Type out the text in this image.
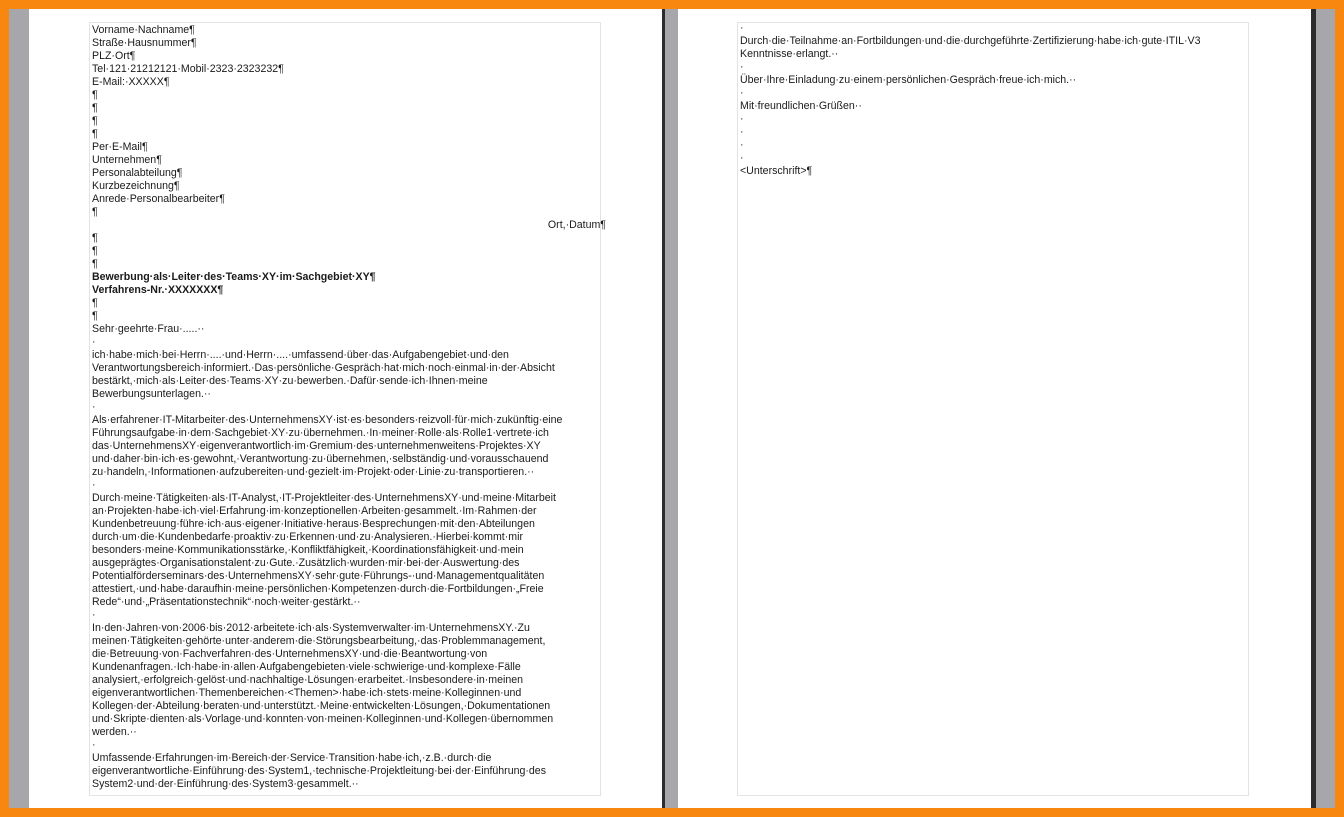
Vorname·Nachname¶
Straße·Hausnummer¶
PLZ·Ort¶
Tel·121·21212121·Mobil·2323·2323232¶
E-Mail:·XXXXX¶
¶
¶
¶
¶
Per·E-Mail¶
Unternehmen¶
Personalabteilung¶
Kurzbezeichnung¶
Anrede·Personalbearbeiter¶
¶
Ort,·Datum¶
¶
¶
¶
Bewerbung·als·Leiter·des·Teams·XY·im·Sachgebiet·XY¶
Verfahrens-Nr.·XXXXXXX¶
¶
¶
Sehr·geehrte·Frau·.....··
·
ich·habe·mich·bei·Herrn·....·und·Herrn·....·umfassend·über·das·Aufgabengebiet·und·den
Verantwortungsbereich·informiert.·Das·persönliche·Gespräch·hat·mich·noch·einmal·in·der·Absicht
bestärkt,·mich·als·Leiter·des·Teams·XY·zu·bewerben.·Dafür·sende·ich·Ihnen·meine
Bewerbungsunterlagen.··
·
Als·erfahrener·IT-Mitarbeiter·des·UnternehmensXY·ist·es·besonders·reizvoll·für·mich·zukünftig·eine
Führungsaufgabe·in·dem·Sachgebiet·XY·zu·übernehmen.·In·meiner·Rolle·als·Rolle1·vertrete·ich
das·UnternehmensXY·eigenverantwortlich·im·Gremium·des·unternehmenweitens·Projektes·XY
und·daher·bin·ich·es·gewohnt,·Verantwortung·zu·übernehmen,·selbständig·und·vorausschauend
zu·handeln,·Informationen·aufzubereiten·und·gezielt·im·Projekt·oder·Linie·zu·transportieren.··
·
Durch·meine·Tätigkeiten·als·IT-Analyst,·IT-Projektleiter·des·UnternehmensXY·und·meine·Mitarbeit
an·Projekten·habe·ich·viel·Erfahrung·im·konzeptionellen·Arbeiten·gesammelt.·Im·Rahmen·der
Kundenbetreuung·führe·ich·aus·eigener·Initiative·heraus·Besprechungen·mit·den·Abteilungen
durch·um·die·Kundenbedarfe·proaktiv·zu·Erkennen·und·zu·Analysieren.·Hierbei·kommt·mir
besonders·meine·Kommunikationsstärke,·Konfliktfähigkeit,·Koordinationsfähigkeit·und·mein
ausgeprägtes·Organisationstalent·zu·Gute.·Zusätzlich·wurden·mir·bei·der·Auswertung·des
Potentialförderseminars·des·UnternehmensXY·sehr·gute·Führungs-·und·Managementqualitäten
attestiert,·und·habe·daraufhin·meine·persönlichen·Kompetenzen·durch·die·Fortbildungen·„Freie
Rede“·und·„Präsentationstechnik“·noch·weiter·gestärkt.··
·
In·den·Jahren·von·2006·bis·2012·arbeitete·ich·als·Systemverwalter·im·UnternehmensXY.·Zu
meinen·Tätigkeiten·gehörte·unter·anderem·die·Störungsbearbeitung,·das·Problemmanagement,
die·Betreuung·von·Fachverfahren·des·UnternehmensXY·und·die·Beantwortung·von
Kundenanfragen.·Ich·habe·in·allen·Aufgabengebieten·viele·schwierige·und·komplexe·Fälle
analysiert,·erfolgreich·gelöst·und·nachhaltige·Lösungen·erarbeitet.·Insbesondere·in·meinen
eigenverantwortlichen·Themenbereichen·<Themen>·habe·ich·stets·meine·Kolleginnen·und
Kollegen·der·Abteilung·beraten·und·unterstützt.·Meine·entwickelten·Lösungen,·Dokumentationen
und·Skripte·dienten·als·Vorlage·und·konnten·von·meinen·Kolleginnen·und·Kollegen·übernommen
werden.··
·
Umfassende·Erfahrungen·im·Bereich·der·Service·Transition·habe·ich,·z.B.·durch·die
eigenverantwortliche·Einführung·des·System1,·technische·Projektleitung·bei·der·Einführung·des
System2·und·der·Einführung·des·System3·gesammelt.··
·
Durch·die·Teilnahme·an·Fortbildungen·und·die·durchgeführte·Zertifizierung·habe·ich·gute·ITIL·V3
Kenntnisse·erlangt.··
·
Über·Ihre·Einladung·zu·einem·persönlichen·Gespräch·freue·ich·mich.··
·
Mit·freundlichen·Grüßen··
·
·
·
·
<Unterschrift>¶
